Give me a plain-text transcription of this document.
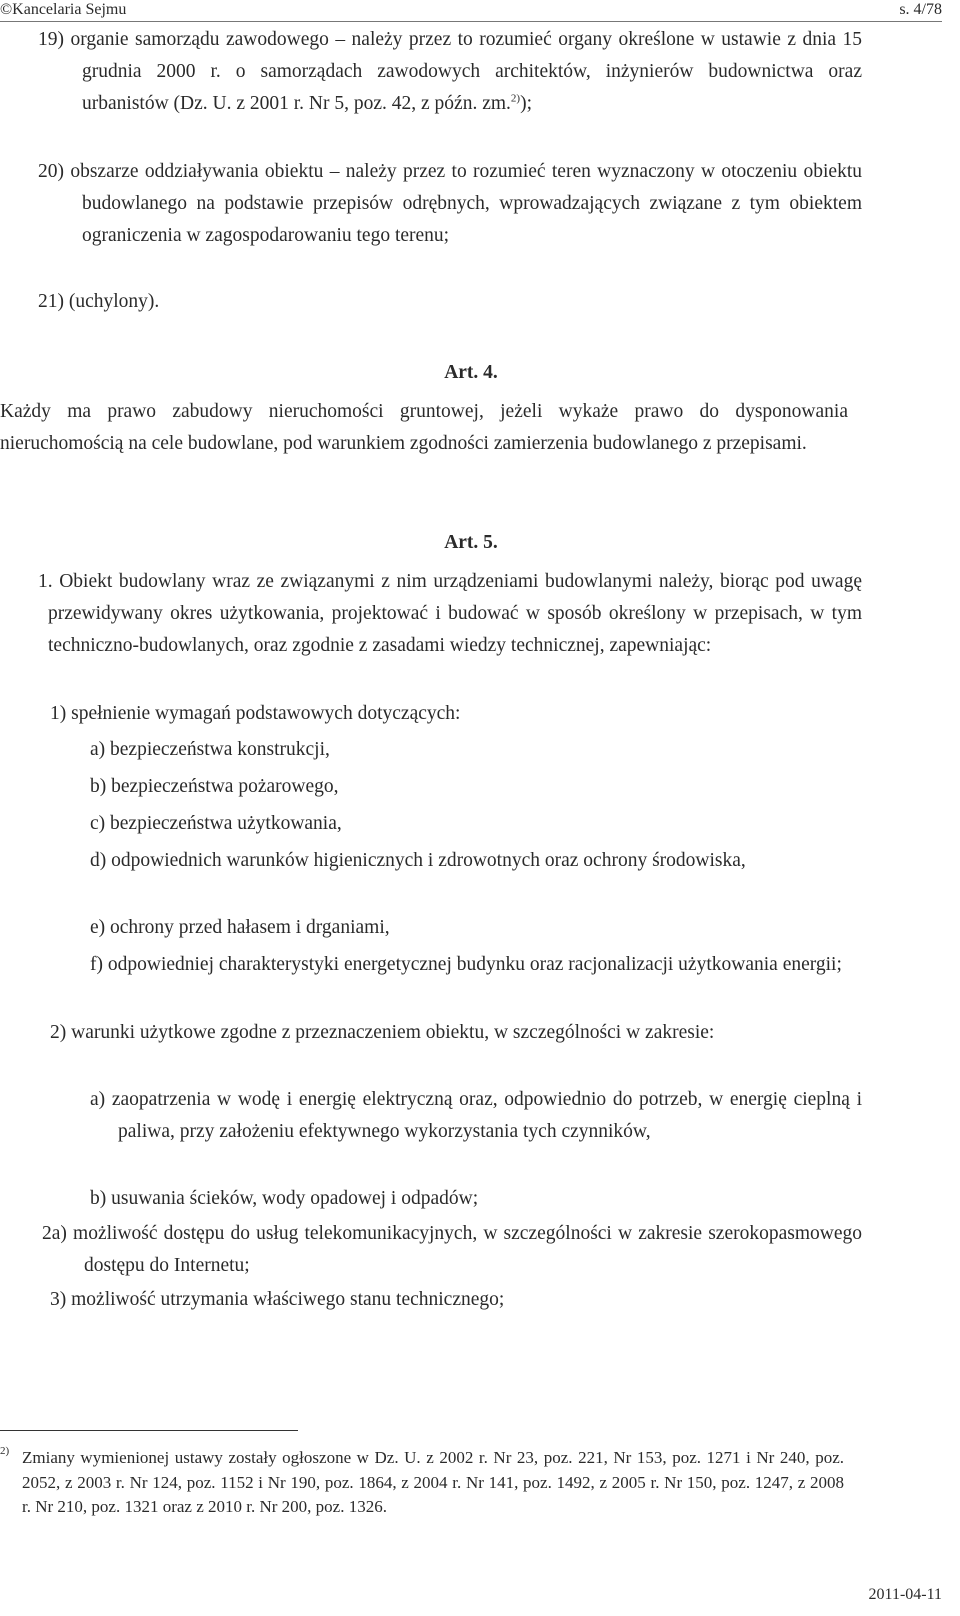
©Kancelaria Sejmu	s. 4/78
19) organie samorządu zawodowego – należy przez to rozumieć organy określone w ustawie z dnia 15 grudnia 2000 r. o samorządach zawodowych architektów, inżynierów budownictwa oraz urbanistów (Dz. U. z 2001 r. Nr 5, poz. 42, z późn. zm.$^{2)}$);
20) obszarze oddziaływania obiektu – należy przez to rozumieć teren wyznaczony w otoczeniu obiektu budowlanego na podstawie przepisów odrębnych, wprowadzających związane z tym obiektem ograniczenia w zagospodarowaniu tego terenu;
21) (uchylony).
Art. 4.
Każdy ma prawo zabudowy nieruchomości gruntowej, jeżeli wykaże prawo do dysponowania nieruchomością na cele budowlane, pod warunkiem zgodności zamierzenia budowlanego z przepisami.
Art. 5.
1. Obiekt budowlany wraz ze związanymi z nim urządzeniami budowlanymi należy, biorąc pod uwagę przewidywany okres użytkowania, projektować i budować w sposób określony w przepisach, w tym techniczno-budowlanych, oraz zgodnie z zasadami wiedzy technicznej, zapewniając:
1) spełnienie wymagań podstawowych dotyczących:
a) bezpieczeństwa konstrukcji,
b) bezpieczeństwa pożarowego,
c) bezpieczeństwa użytkowania,
d) odpowiednich warunków higienicznych i zdrowotnych oraz ochrony środowiska,
e) ochrony przed hałasem i drganiami,
f) odpowiedniej charakterystyki energetycznej budynku oraz racjonalizacji użytkowania energii;
2) warunki użytkowe zgodne z przeznaczeniem obiektu, w szczególności w zakresie:
a) zaopatrzenia w wodę i energię elektryczną oraz, odpowiednio do potrzeb, w energię cieplną i paliwa, przy założeniu efektywnego wykorzystania tych czynników,
b) usuwania ścieków, wody opadowej i odpadów;
2a) możliwość dostępu do usług telekomunikacyjnych, w szczególności w zakresie szerokopasmowego dostępu do Internetu;
3) możliwość utrzymania właściwego stanu technicznego;
2) Zmiany wymienionej ustawy zostały ogłoszone w Dz. U. z 2002 r. Nr 23, poz. 221, Nr 153, poz. 1271 i Nr 240, poz. 2052, z 2003 r. Nr 124, poz. 1152 i Nr 190, poz. 1864, z 2004 r. Nr 141, poz. 1492, z 2005 r. Nr 150, poz. 1247, z 2008 r. Nr 210, poz. 1321 oraz z 2010 r. Nr 200, poz. 1326.
2011-04-11
